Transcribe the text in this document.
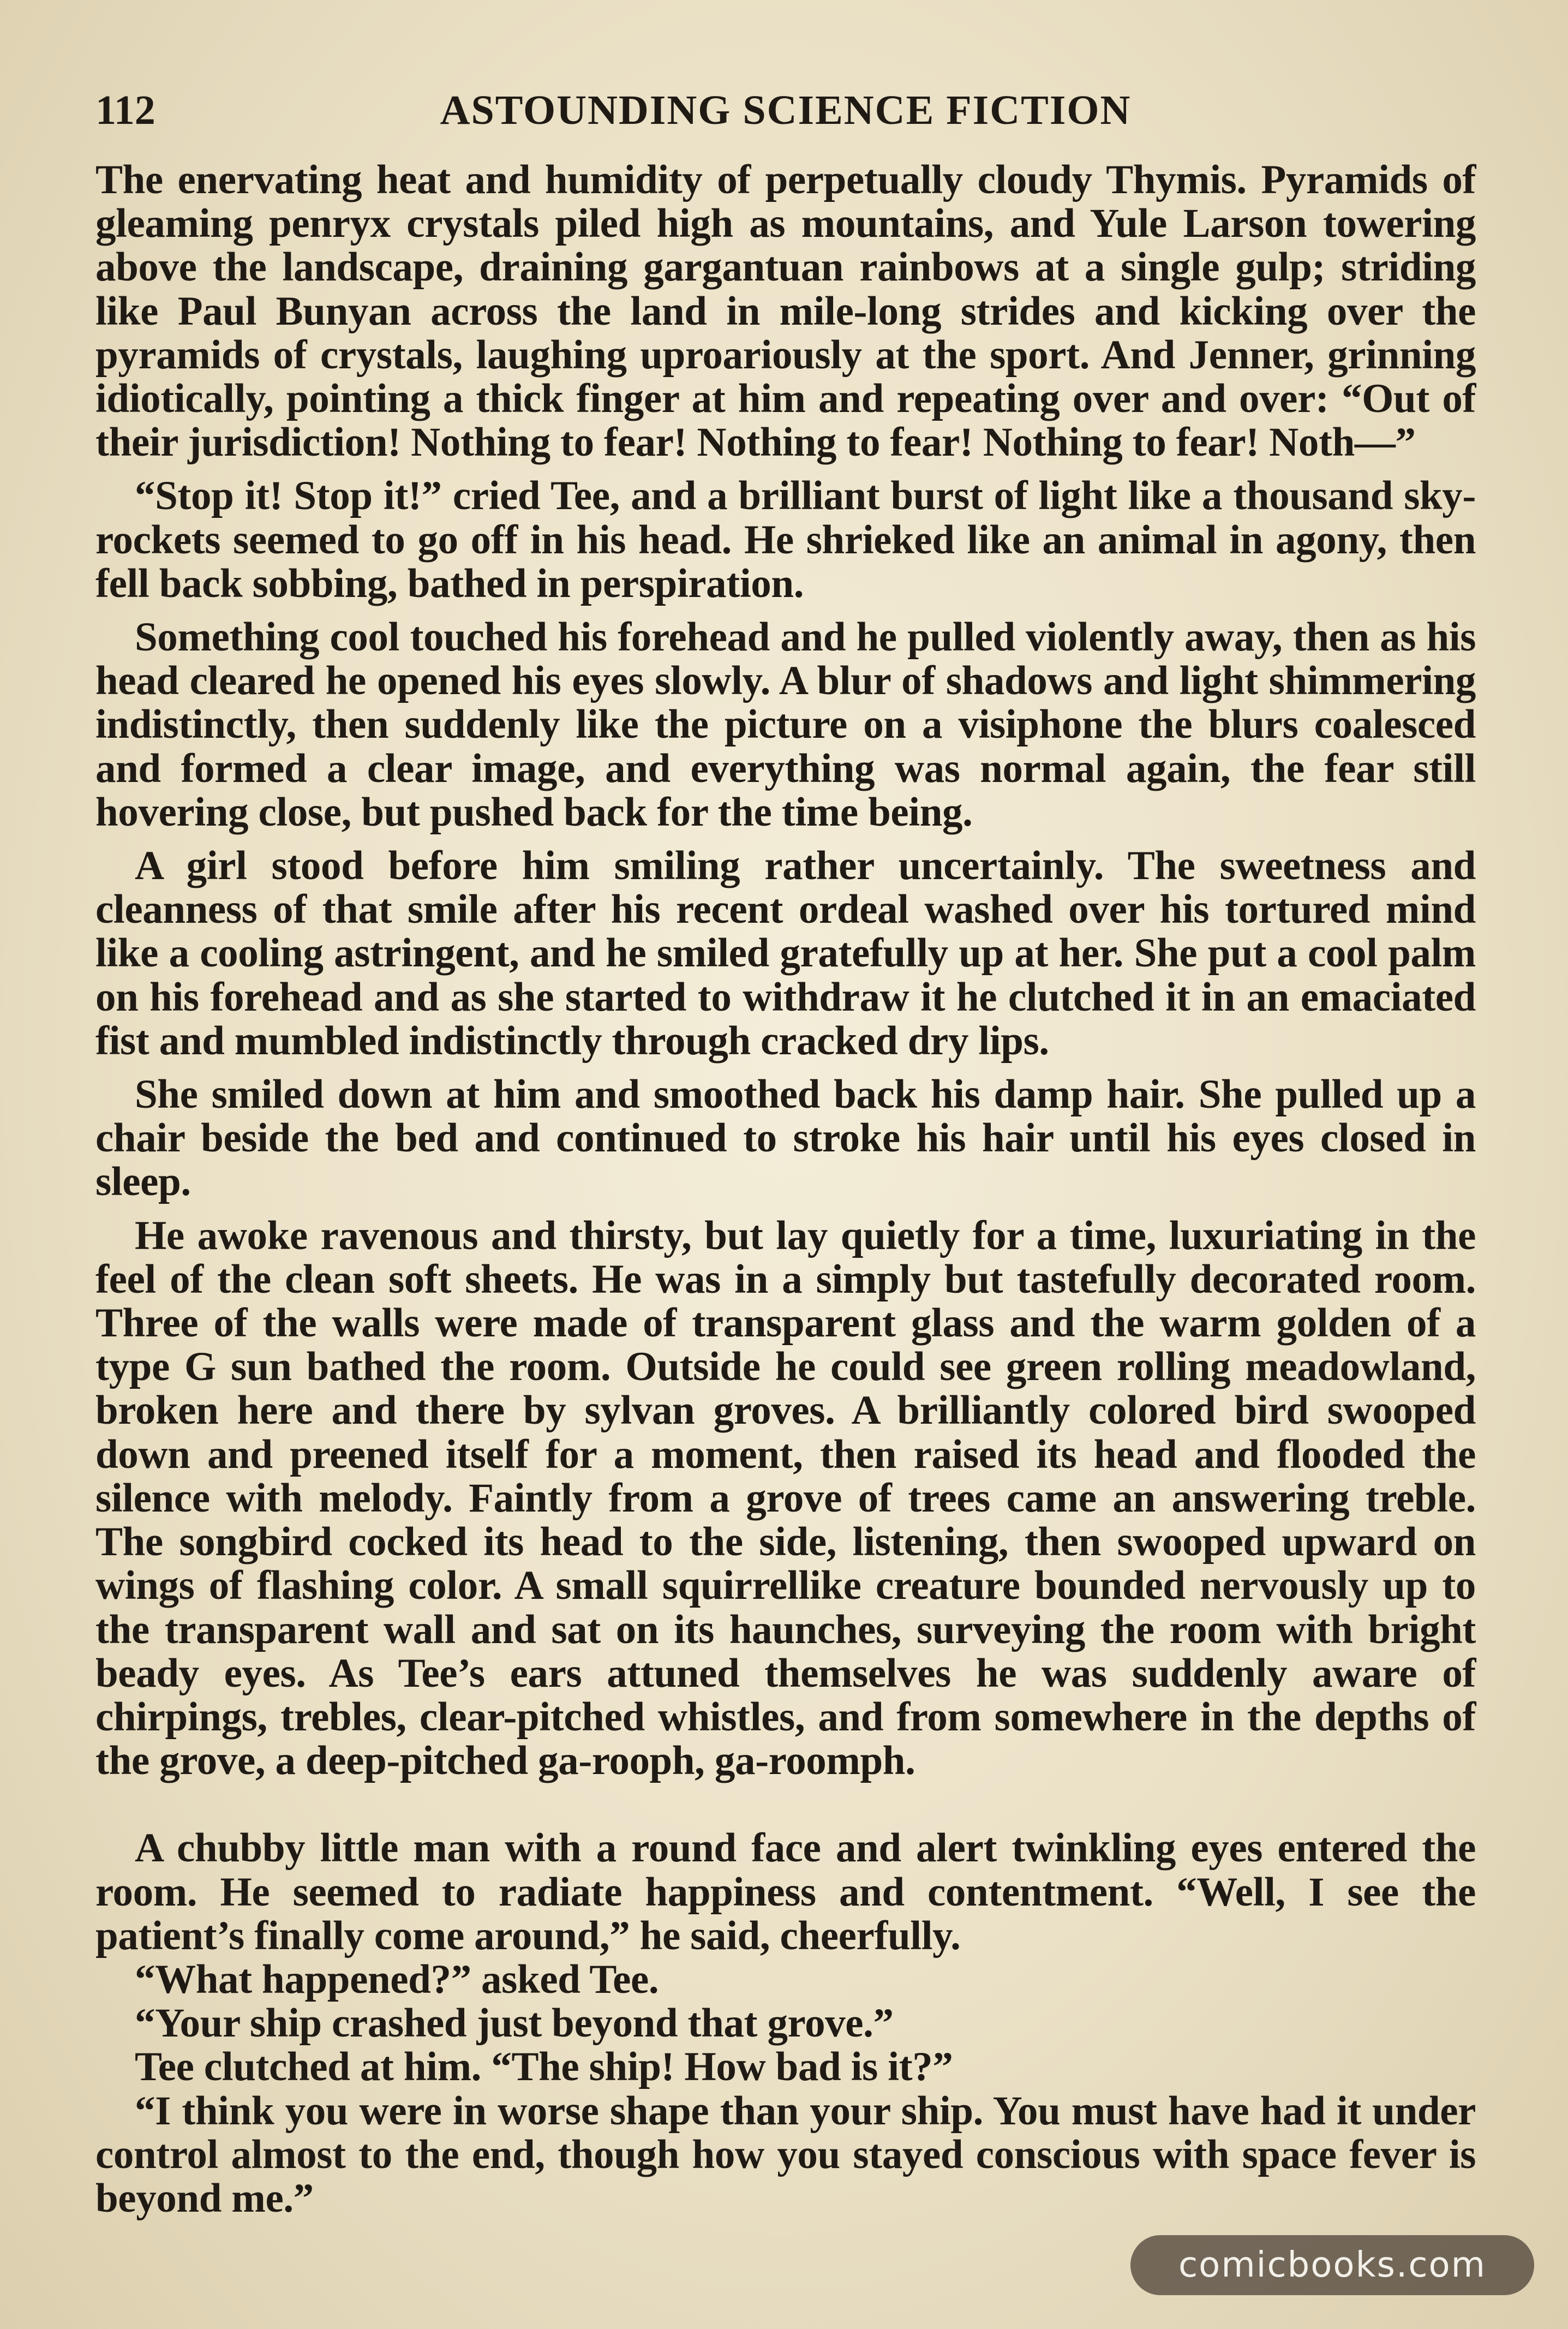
112	ASTOUNDING SCIENCE FICTION

The enervating heat and humidity of perpetually cloudy Thymis. Pyramids of gleaming penryx crystals piled high as mountains, and Yule Larson towering above the landscape, draining gargantuan rainbows at a single gulp; striding like Paul Bunyan across the land in mile-long strides and kicking over the pyramids of crystals, laughing uproariously at the sport. And Jenner, grinning idiotically, pointing a thick finger at him and repeating over and over: “Out of their jurisdiction! Nothing to fear! Nothing to fear! Nothing to fear! Noth—”

“Stop it! Stop it!” cried Tee, and a brilliant burst of light like a thousand sky-rockets seemed to go off in his head. He shrieked like an animal in agony, then fell back sobbing, bathed in perspiration.

Something cool touched his forehead and he pulled violently away, then as his head cleared he opened his eyes slowly. A blur of shadows and light shimmering indistinctly, then suddenly like the picture on a visiphone the blurs coalesced and formed a clear image, and everything was normal again, the fear still hovering close, but pushed back for the time being.

A girl stood before him smiling rather uncertainly. The sweetness and cleanness of that smile after his recent ordeal washed over his tortured mind like a cooling astringent, and he smiled gratefully up at her. She put a cool palm on his forehead and as she started to withdraw it he clutched it in an emaciated fist and mumbled indistinctly through cracked dry lips.

She smiled down at him and smoothed back his damp hair. She pulled up a chair beside the bed and continued to stroke his hair until his eyes closed in sleep.

He awoke ravenous and thirsty, but lay quietly for a time, luxuriating in the feel of the clean soft sheets. He was in a simply but tastefully decorated room. Three of the walls were made of transparent glass and the warm golden of a type G sun bathed the room. Outside he could see green rolling meadowland, broken here and there by sylvan groves. A brilliantly colored bird swooped down and preened itself for a moment, then raised its head and flooded the silence with melody. Faintly from a grove of trees came an answering treble. The songbird cocked its head to the side, listening, then swooped upward on wings of flashing color. A small squirrellike creature bounded nervously up to the transparent wall and sat on its haunches, surveying the room with bright beady eyes. As Tee’s ears attuned themselves he was suddenly aware of chirpings, trebles, clear-pitched whistles, and from somewhere in the depths of the grove, a deep-pitched ga-rooph, ga-roomph.

A chubby little man with a round face and alert twinkling eyes entered the room. He seemed to radiate happiness and contentment. “Well, I see the patient’s finally come around,” he said, cheerfully.

“What happened?” asked Tee.

“Your ship crashed just beyond that grove.”

Tee clutched at him. “The ship! How bad is it?”

“I think you were in worse shape than your ship. You must have had it under control almost to the end, though how you stayed conscious with space fever is beyond me.”

comicbooks.com
